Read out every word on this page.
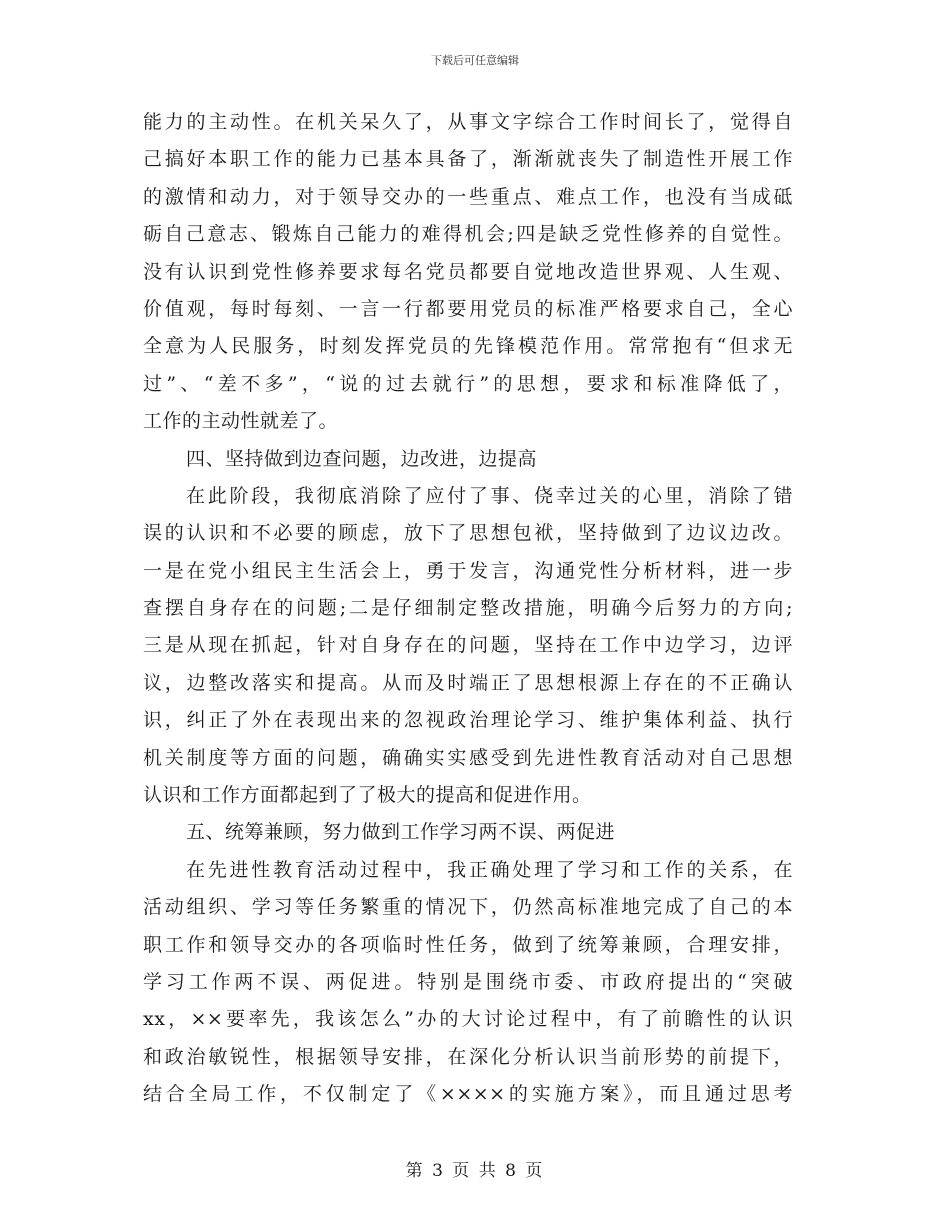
下载后可任意编辑
能力的主动性。在机关呆久了，从事文字综合工作时间长了，觉得自
己搞好本职工作的能力已基本具备了，渐渐就丧失了制造性开展工作
的激情和动力，对于领导交办的一些重点、难点工作，也没有当成砥
砺自己意志、锻炼自己能力的难得机会;四是缺乏党性修养的自觉性。
没有认识到党性修养要求每名党员都要自觉地改造世界观、人生观、
价值观，每时每刻、一言一行都要用党员的标准严格要求自己，全心
全意为人民服务，时刻发挥党员的先锋模范作用。常常抱有“但求无
过”、“差不多”，“说的过去就行”的思想，要求和标准降低了，
工作的主动性就差了。
四、坚持做到边查问题，边改进，边提高
在此阶段，我彻底消除了应付了事、侥幸过关的心里，消除了错
误的认识和不必要的顾虑，放下了思想包袱，坚持做到了边议边改。
一是在党小组民主生活会上，勇于发言，沟通党性分析材料，进一步
查摆自身存在的问题;二是仔细制定整改措施，明确今后努力的方向;
三是从现在抓起，针对自身存在的问题，坚持在工作中边学习，边评
议，边整改落实和提高。从而及时端正了思想根源上存在的不正确认
识，纠正了外在表现出来的忽视政治理论学习、维护集体利益、执行
机关制度等方面的问题，确确实实感受到先进性教育活动对自己思想
认识和工作方面都起到了了极大的提高和促进作用。
五、统筹兼顾，努力做到工作学习两不误、两促进
在先进性教育活动过程中，我正确处理了学习和工作的关系，在
活动组织、学习等任务繁重的情况下，仍然高标准地完成了自己的本
职工作和领导交办的各项临时性任务，做到了统筹兼顾，合理安排，
学习工作两不误、两促进。特别是围绕市委、市政府提出的“突破
xx，××要率先，我该怎么”办的大讨论过程中，有了前瞻性的认识
和政治敏锐性，根据领导安排，在深化分析认识当前形势的前提下，
结合全局工作，不仅制定了《××××的实施方案》，而且通过思考
第 3 页 共 8 页
